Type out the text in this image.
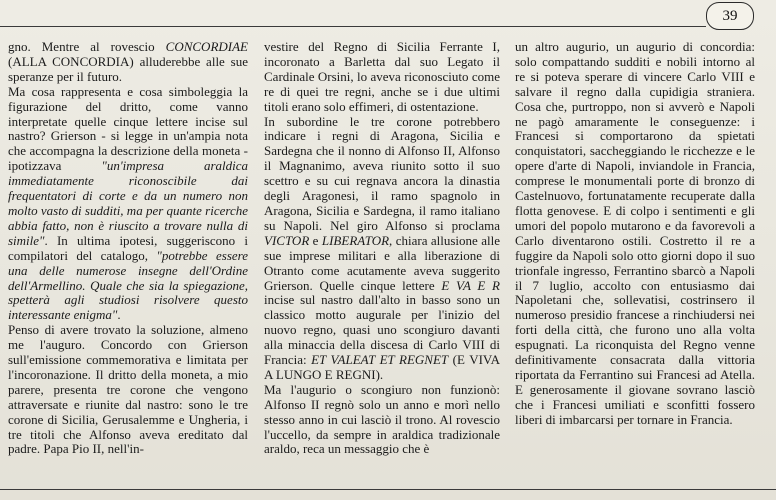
39

gno. Mentre al rovescio CONCORDIAE (ALLA CONCORDIA) alluderebbe alle sue speranze per il futuro.

Ma cosa rappresenta e cosa simboleggia la figurazione del dritto, come vanno interpretate quelle cinque lettere incise sul nastro? Grierson - si legge in un'ampia nota che accompagna la descrizione della moneta - ipotizzava "un'impresa araldica immediatamente riconoscibile dai frequentatori di corte e da un numero non molto vasto di sudditi, ma per quante ricerche abbia fatto, non è riuscito a trovare nulla di simile". In ultima ipotesi, suggeriscono i compilatori del catalogo, "potrebbe essere una delle numerose insegne dell'Ordine dell'Armellino. Quale che sia la spiegazione, spetterà agli studiosi risolvere questo interessante enigma".

Penso di avere trovato la soluzione, almeno me l'auguro. Concordo con Grierson sull'emissione commemorativa e limitata per l'incoronazione. Il dritto della moneta, a mio parere, presenta tre corone che vengono attraversate e riunite dal nastro: sono le tre corone di Sicilia, Gerusalemme e Ungheria, i tre titoli che Alfonso aveva ereditato dal padre. Papa Pio II, nell'in-

vestire del Regno di Sicilia Ferrante I, incoronato a Barletta dal suo Legato il Cardinale Orsini, lo aveva riconosciuto come re di quei tre regni, anche se i due ultimi titoli erano solo effimeri, di ostentazione.

In subordine le tre corone potrebbero indicare i regni di Aragona, Sicilia e Sardegna che il nonno di Alfonso II, Alfonso il Magnanimo, aveva riunito sotto il suo scettro e su cui regnava ancora la dinastia degli Aragonesi, il ramo spagnolo in Aragona, Sicilia e Sardegna, il ramo italiano su Napoli. Nel giro Alfonso si proclama VICTOR e LIBERATOR, chiara allusione alle sue imprese militari e alla liberazione di Otranto come acutamente aveva suggerito Grierson. Quelle cinque lettere E VA E R incise sul nastro dall'alto in basso sono un classico motto augurale per l'inizio del nuovo regno, quasi uno scongiuro davanti alla minaccia della discesa di Carlo VIII di Francia: ET VALEAT ET REGNET (E VIVA A LUNGO E REGNI).

Ma l'augurio o scongiuro non funzionò: Alfonso II regnò solo un anno e morì nello stesso anno in cui lasciò il trono. Al rovescio l'uccello, da sempre in araldica tradizionale araldo, reca un messaggio che è

un altro augurio, un augurio di concordia: solo compattando sudditi e nobili intorno al re si poteva sperare di vincere Carlo VIII e salvare il regno dalla cupidigia straniera. Cosa che, purtroppo, non si avverò e Napoli ne pagò amaramente le conseguenze: i Francesi si comportarono da spietati conquistatori, saccheggiando le ricchezze e le opere d'arte di Napoli, inviandole in Francia, comprese le monumentali porte di bronzo di Castelnuovo, fortunatamente recuperate dalla flotta genovese. E di colpo i sentimenti e gli umori del popolo mutarono e da favorevoli a Carlo diventarono ostili. Costretto il re a fuggire da Napoli solo otto giorni dopo il suo trionfale ingresso, Ferrantino sbarcò a Napoli il 7 luglio, accolto con entusiasmo dai Napoletani che, sollevatisi, costrinsero il numeroso presidio francese a rinchiudersi nei forti della città, che furono uno alla volta espugnati. La riconquista del Regno venne definitivamente consacrata dalla vittoria riportata da Ferrantino sui Francesi ad Atella. E generosamente il giovane sovrano lasciò che i Francesi umiliati e sconfitti fossero liberi di imbarcarsi per tornare in Francia.
